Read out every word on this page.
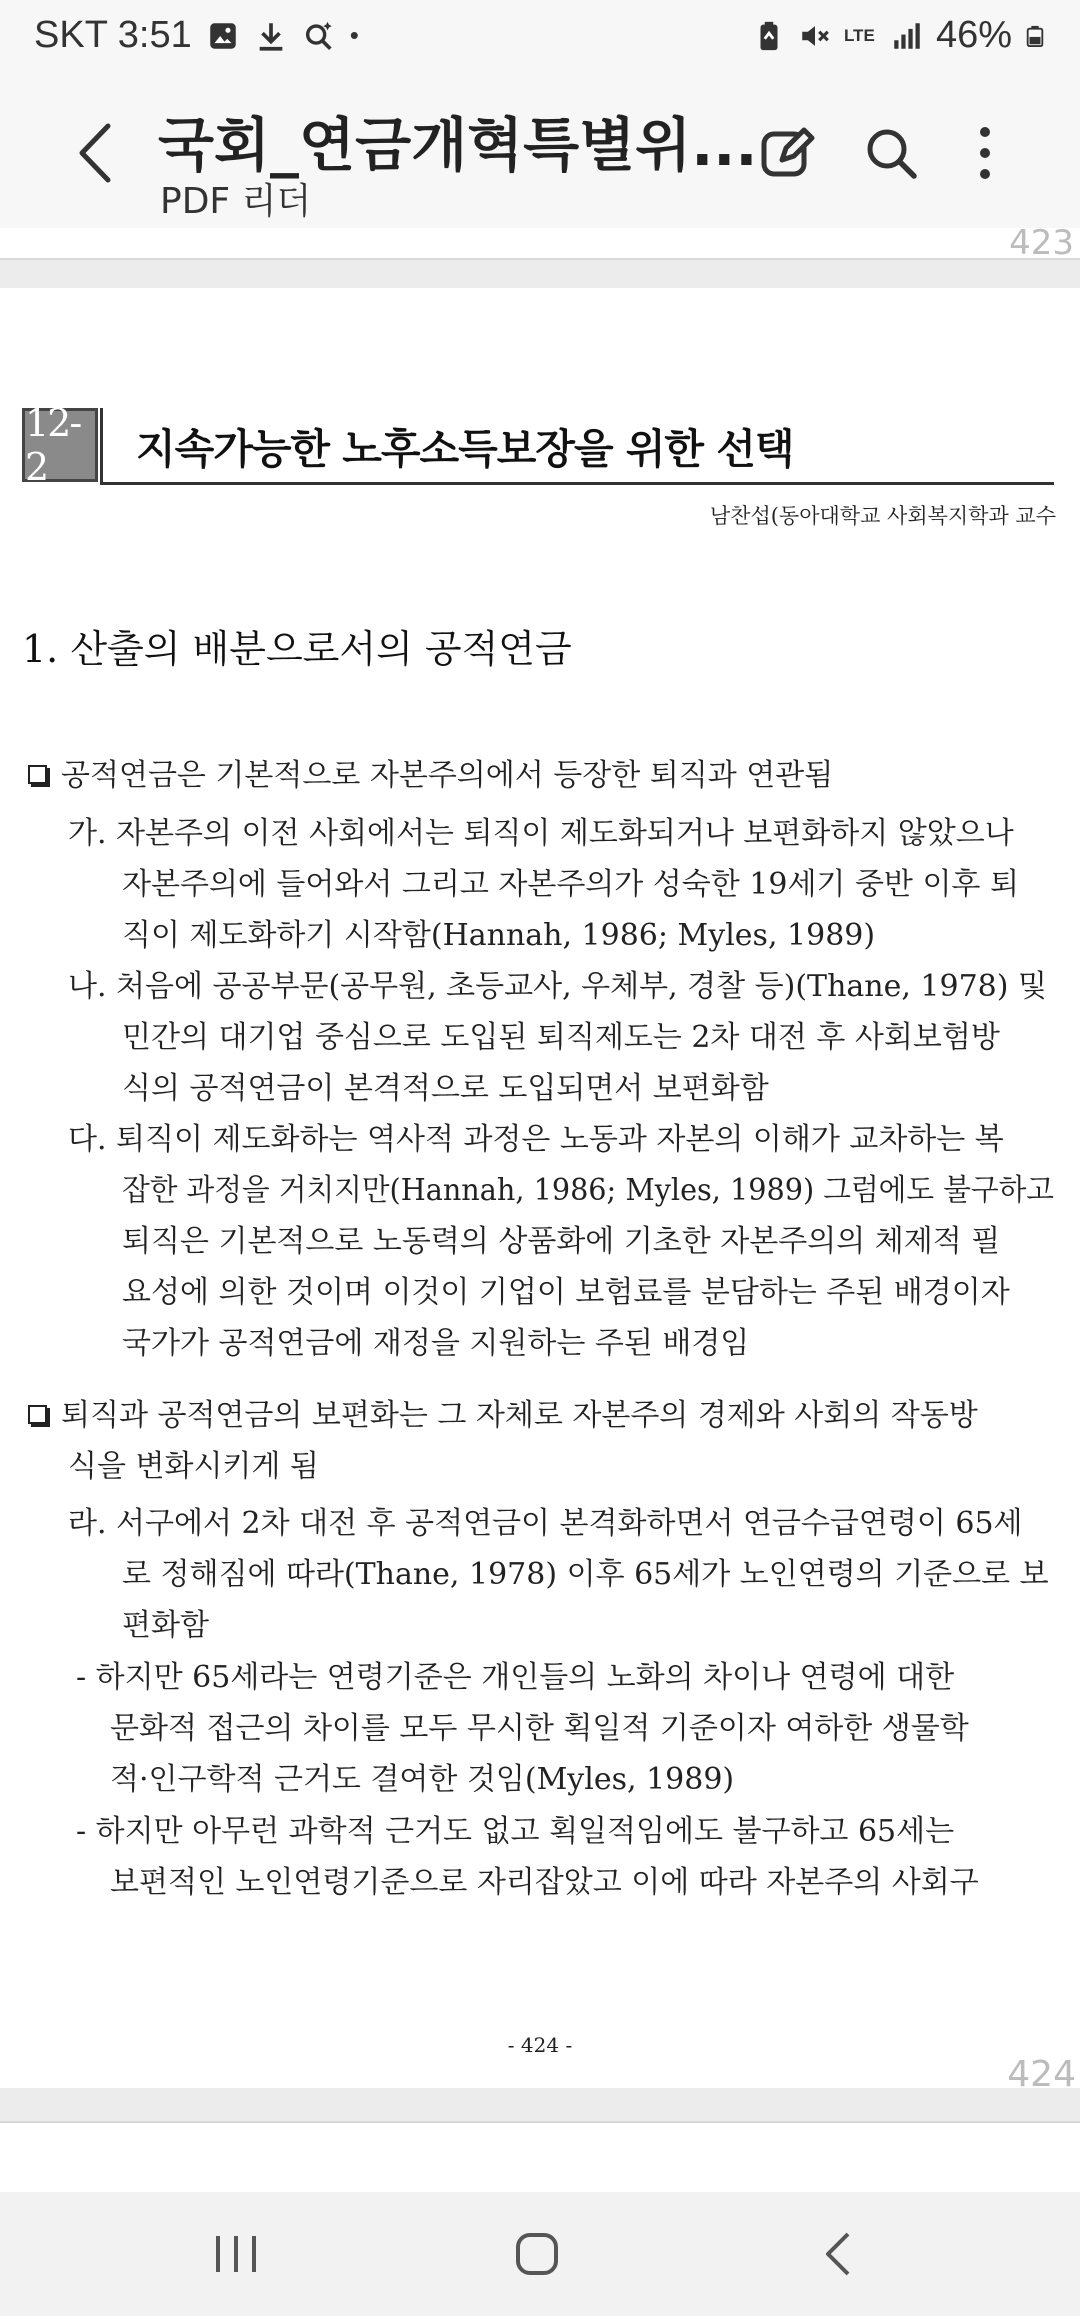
SKT 3:51	•	LTE 46%
국회_연금개혁특별위...
PDF 리더
423
12-2	지속가능한 노후소득보장을 위한 선택
남찬섭(동아대학교 사회복지학과 교수
1. 산출의 배분으로서의 공적연금
공적연금은 기본적으로 자본주의에서 등장한 퇴직과 연관됨
가. 자본주의 이전 사회에서는 퇴직이 제도화되거나 보편화하지 않았으나
자본주의에 들어와서 그리고 자본주의가 성숙한 19세기 중반 이후 퇴
직이 제도화하기 시작함(Hannah, 1986; Myles, 1989)
나. 처음에 공공부문(공무원, 초등교사, 우체부, 경찰 등)(Thane, 1978) 및
민간의 대기업 중심으로 도입된 퇴직제도는 2차 대전 후 사회보험방
식의 공적연금이 본격적으로 도입되면서 보편화함
다. 퇴직이 제도화하는 역사적 과정은 노동과 자본의 이해가 교차하는 복
잡한 과정을 거치지만(Hannah, 1986; Myles, 1989) 그럼에도 불구하고
퇴직은 기본적으로 노동력의 상품화에 기초한 자본주의의 체제적 필
요성에 의한 것이며 이것이 기업이 보험료를 분담하는 주된 배경이자
국가가 공적연금에 재정을 지원하는 주된 배경임
퇴직과 공적연금의 보편화는 그 자체로 자본주의 경제와 사회의 작동방
식을 변화시키게 됨
라. 서구에서 2차 대전 후 공적연금이 본격화하면서 연금수급연령이 65세
로 정해짐에 따라(Thane, 1978) 이후 65세가 노인연령의 기준으로 보
편화함
- 하지만 65세라는 연령기준은 개인들의 노화의 차이나 연령에 대한
문화적 접근의 차이를 모두 무시한 획일적 기준이자 여하한 생물학
적·인구학적 근거도 결여한 것임(Myles, 1989)
- 하지만 아무런 과학적 근거도 없고 획일적임에도 불구하고 65세는
보편적인 노인연령기준으로 자리잡았고 이에 따라 자본주의 사회구
- 424 -
424
